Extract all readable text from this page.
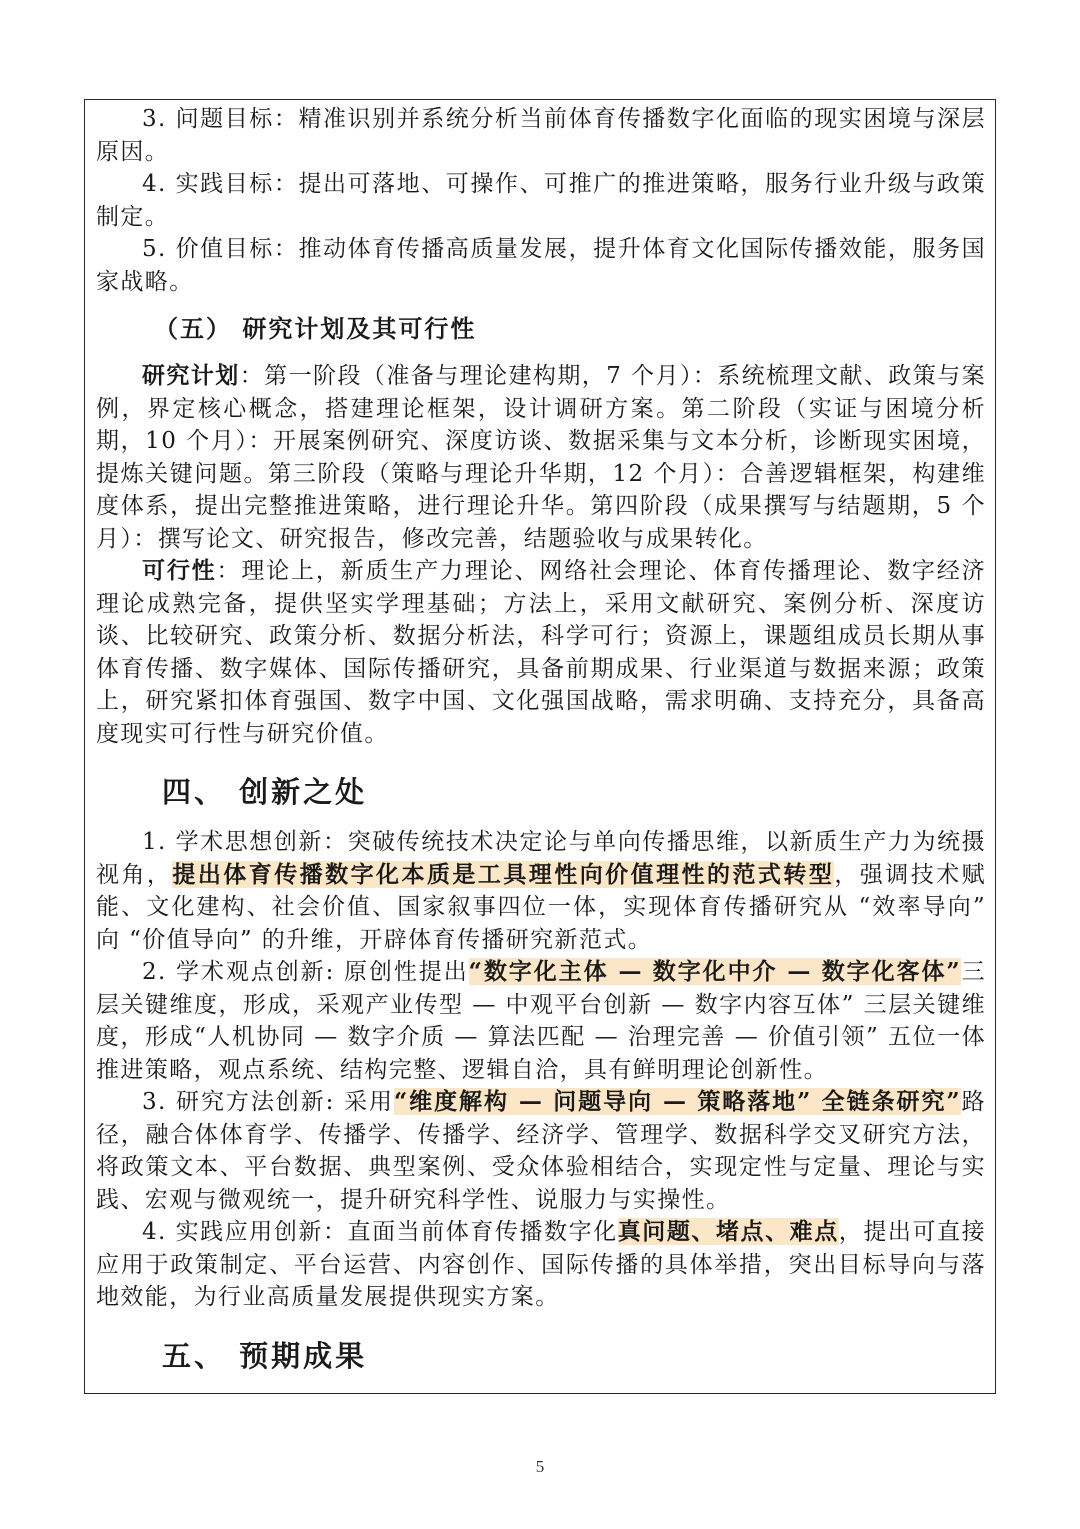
3. 问题目标：精准识别并系统分析当前体育传播数字化面临的现实困境与深层原因。

4. 实践目标：提出可落地、可操作、可推广的推进策略，服务行业升级与政策制定。

5. 价值目标：推动体育传播高质量发展，提升体育文化国际传播效能，服务国家战略。

（五） 研究计划及其可行性

研究计划：第一阶段（准备与理论建构期，7 个月）：系统梳理文献、政策与案例，界定核心概念，搭建理论框架，设计调研方案。第二阶段（实证与困境分析期，10 个月）：开展案例研究、深度访谈、数据采集与文本分析，诊断现实困境，提炼关键问题。第三阶段（策略与理论升华期，12 个月）：合善逻辑框架，构建维度体系，提出完整推进策略，进行理论升华。第四阶段（成果撰写与结题期，5 个月）：撰写论文、研究报告，修改完善，结题验收与成果转化。

可行性：理论上，新质生产力理论、网络社会理论、体育传播理论、数字经济理论成熟完备，提供坚实学理基础；方法上，采用文献研究、案例分析、深度访谈、比较研究、政策分析、数据分析法，科学可行；资源上，课题组成员长期从事体育传播、数字媒体、国际传播研究，具备前期成果、行业渠道与数据来源；政策上，研究紧扣体育强国、数字中国、文化强国战略，需求明确、支持充分，具备高度现实可行性与研究价值。

四、 创新之处

1. 学术思想创新：突破传统技术决定论与单向传播思维，以新质生产力为统摄视角，提出体育传播数字化本质是工具理性向价值理性的范式转型，强调技术赋能、文化建构、社会价值、国家叙事四位一体，实现体育传播研究从 “效率导向” 向 “价值导向” 的升维，开辟体育传播研究新范式。

2. 学术观点创新: 原创性提出“数字化主体 — 数字化中介 — 数字化客体”三层关键维度，形成，采观产业传型 — 中观平台创新 — 数字内容互体” 三层关键维度，形成“人机协同 — 数字介质 — 算法匹配 — 治理完善 — 价值引领” 五位一体推进策略，观点系统、结构完整、逻辑自洽，具有鲜明理论创新性。

3. 研究方法创新: 采用“维度解构 — 问题导向 — 策略落地” 全链条研究”路径，融合体体育学、传播学、传播学、经济学、管理学、数据科学交叉研究方法，将政策文本、平台数据、典型案例、受众体验相结合，实现定性与定量、理论与实践、宏观与微观统一，提升研究科学性、说服力与实操性。

4. 实践应用创新：直面当前体育传播数字化真问题、堵点、难点，提出可直接应用于政策制定、平台运营、内容创作、国际传播的具体举措，突出目标导向与落地效能，为行业高质量发展提供现实方案。

五、 预期成果
5
